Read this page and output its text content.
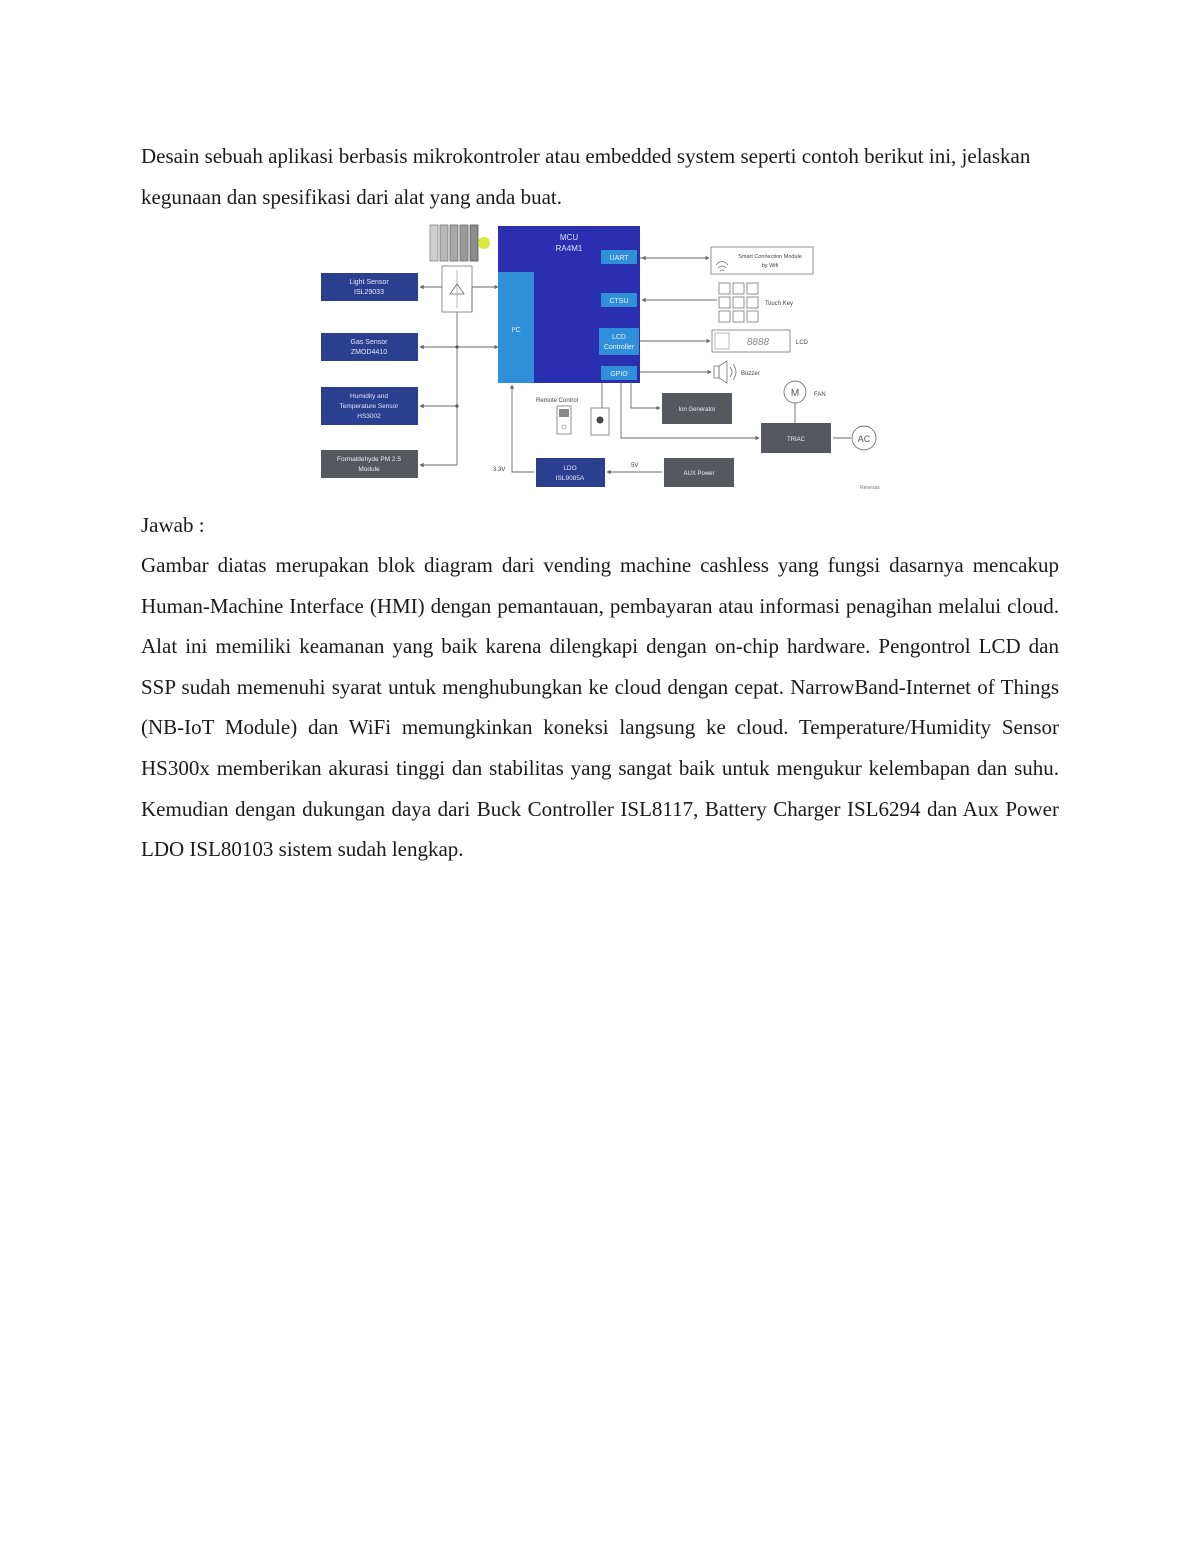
Desain sebuah aplikasi berbasis mikrokontroler atau embedded system seperti contoh berikut ini, jelaskan kegunaan dan spesifikasi dari alat yang anda buat.

MCU
RA4M1
I²C
UART
CTSU
LCD
Controller
GPIO
Light Sensor
ISL29033
Gas Sensor
ZMOD4410
Humidity and
Temperature Sensor
HS3002
Formaldehyde PM 2.5
Module
Smart Connection Module
by Wifi
Touch Key
8888	LCD
Buzzer
M FAN
Ion Generator
TRIAC	AC
Remote Control
LDO
ISL9085A
AUX Power
5V
3.3V
Renesas

Jawab :

Gambar diatas merupakan blok diagram dari vending machine cashless yang fungsi dasarnya mencakup Human-Machine Interface (HMI) dengan pemantauan, pembayaran atau informasi penagihan melalui cloud. Alat ini memiliki keamanan yang baik karena dilengkapi dengan on-chip hardware. Pengontrol LCD dan SSP sudah memenuhi syarat untuk menghubungkan ke cloud dengan cepat. NarrowBand-Internet of Things (NB-IoT Module) dan WiFi memungkinkan koneksi langsung ke cloud. Temperature/Humidity Sensor HS300x memberikan akurasi tinggi dan stabilitas yang sangat baik untuk mengukur kelembapan dan suhu. Kemudian dengan dukungan daya dari Buck Controller ISL8117, Battery Charger ISL6294 dan Aux Power LDO ISL80103 sistem sudah lengkap.
